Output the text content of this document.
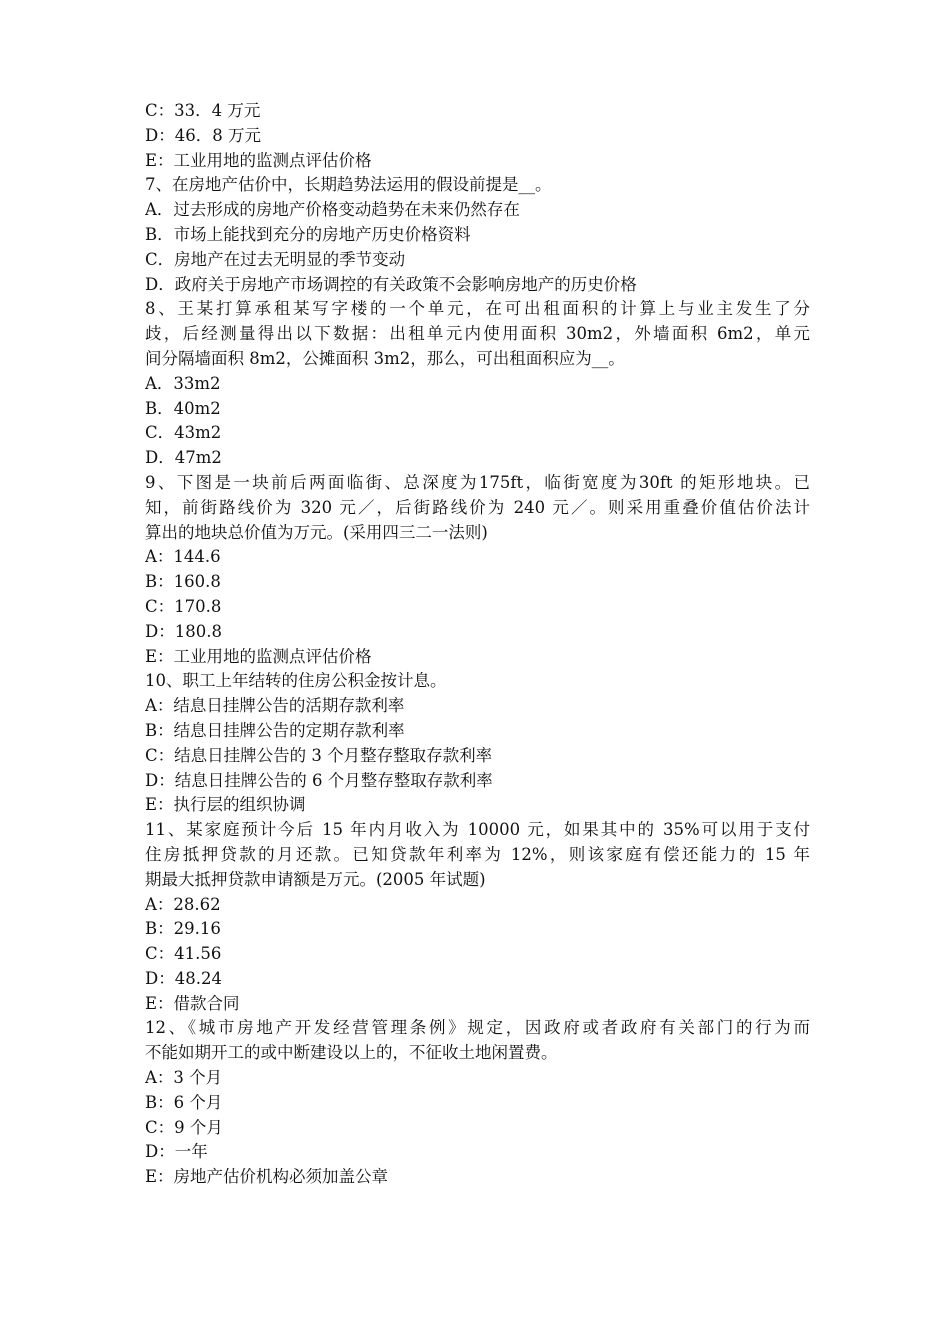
C：33．4 万元
D：46．8 万元
E：工业用地的监测点评估价格
7、在房地产估价中，长期趋势法运用的假设前提是__。
A．过去形成的房地产价格变动趋势在未来仍然存在
B．市场上能找到充分的房地产历史价格资料
C．房地产在过去无明显的季节变动
D．政府关于房地产市场调控的有关政策不会影响房地产的历史价格
8、王某打算承租某写字楼的一个单元，在可出租面积的计算上与业主发生了分
歧，后经测量得出以下数据：出租单元内使用面积 30m2，外墙面积 6m2，单元
间分隔墙面积 8m2，公摊面积 3m2，那么，可出租面积应为__。
A．33m2
B．40m2
C．43m2
D．47m2
9、下图是一块前后两面临街、总深度为175ft，临街宽度为30ft 的矩形地块。已
知，前街路线价为 320 元／，后街路线价为 240 元／。则采用重叠价值估价法计
算出的地块总价值为万元。(采用四三二一法则)
A：144.6
B：160.8
C：170.8
D：180.8
E：工业用地的监测点评估价格
10、职工上年结转的住房公积金按计息。
A：结息日挂牌公告的活期存款利率
B：结息日挂牌公告的定期存款利率
C：结息日挂牌公告的 3 个月整存整取存款利率
D：结息日挂牌公告的 6 个月整存整取存款利率
E：执行层的组织协调
11、某家庭预计今后 15 年内月收入为 10000 元，如果其中的 35%可以用于支付
住房抵押贷款的月还款。已知贷款年利率为 12%，则该家庭有偿还能力的 15 年
期最大抵押贷款申请额是万元。(2005 年试题)
A：28.62
B：29.16
C：41.56
D：48.24
E：借款合同
12、《城市房地产开发经营管理条例》规定，因政府或者政府有关部门的行为而
不能如期开工的或中断建设以上的，不征收土地闲置费。
A：3 个月
B：6 个月
C：9 个月
D：一年
E：房地产估价机构必须加盖公章
